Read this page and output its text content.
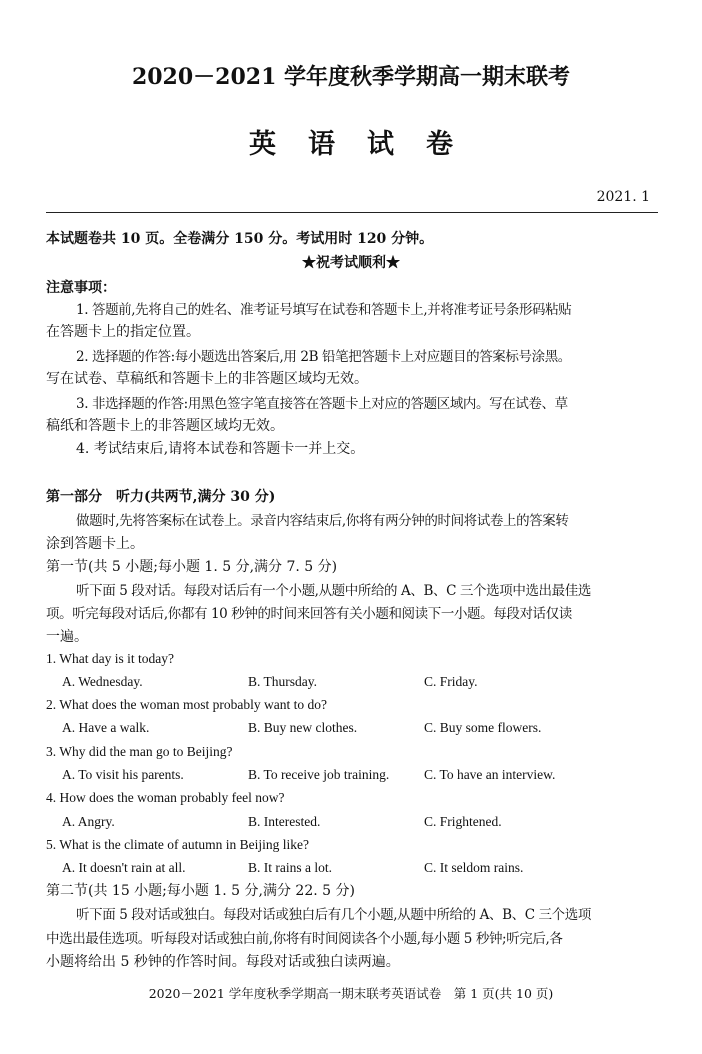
2020－2021 学年度秋季学期高一期末联考

英语试卷

2021. 1

本试题卷共 10 页。全卷满分 150 分。考试用时 120 分钟。

★祝考试顺利★

注意事项：

1. 答题前,先将自己的姓名、准考证号填写在试卷和答题卡上,并将准考证号条形码粘贴

在答题卡上的指定位置。

2. 选择题的作答:每小题选出答案后,用 2B 铅笔把答题卡上对应题目的答案标号涂黑。

写在试卷、草稿纸和答题卡上的非答题区域均无效。

3. 非选择题的作答:用黑色签字笔直接答在答题卡上对应的答题区域内。写在试卷、草

稿纸和答题卡上的非答题区域均无效。

4. 考试结束后,请将本试卷和答题卡一并上交。

第一部分　听力(共两节,满分 30 分)

做题时,先将答案标在试卷上。录音内容结束后,你将有两分钟的时间将试卷上的答案转

涂到答题卡上。

第一节(共 5 小题;每小题 1. 5 分,满分 7. 5 分)

听下面 5 段对话。每段对话后有一个小题,从题中所给的 A、B、C 三个选项中选出最佳选

项。听完每段对话后,你都有 10 秒钟的时间来回答有关小题和阅读下一小题。每段对话仅读

一遍。

1. What day is it today?

A. Wednesday.	B. Thursday.	C. Friday.

2. What does the woman most probably want to do?

A. Have a walk.	B. Buy new clothes.	C. Buy some flowers.

3. Why did the man go to Beijing?

A. To visit his parents.	B. To receive job training.	C. To have an interview.

4. How does the woman probably feel now?

A. Angry.	B. Interested.	C. Frightened.

5. What is the climate of autumn in Beijing like?

A. It doesn't rain at all.	B. It rains a lot.	C. It seldom rains.

第二节(共 15 小题;每小题 1. 5 分,满分 22. 5 分)

听下面 5 段对话或独白。每段对话或独白后有几个小题,从题中所给的 A、B、C 三个选项

中选出最佳选项。听每段对话或独白前,你将有时间阅读各个小题,每小题 5 秒钟;听完后,各

小题将给出 5 秒钟的作答时间。每段对话或独白读两遍。

2020－2021 学年度秋季学期高一期末联考英语试卷　第 1 页(共 10 页)
